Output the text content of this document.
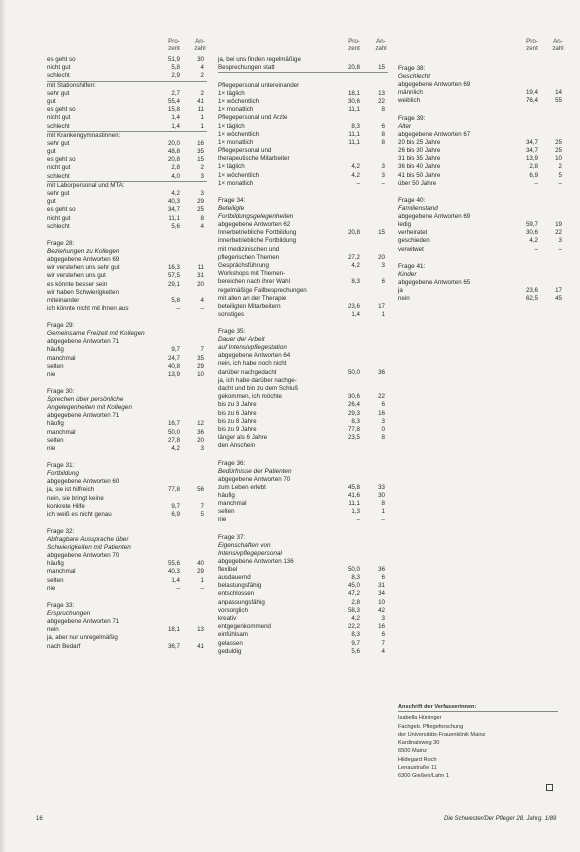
Pro-zent
An-zahl
es geht so	51,9	30
nicht gut	5,8	4
schlecht	2,9	2
mit Stationshilfen:
sehr gut	2,7	2
gut	55,4	41
es geht so	15,8	11
nicht gut	1,4	1
schlecht	1,4	1
mit Krankengymnastinnen:
sehr gut	20,0	16
gut	48,8	35
es geht so	20,8	15
nicht gut	2,8	2
schlecht	4,0	3
mit Laborpersonal und MTA:
sehr gut	4,2	3
gut	40,3	29
es geht so	34,7	25
nicht gut	11,1	8
schlecht	5,6	4
Frage 28:
Beziehungen zu Kollegen
abgegebene Antworten 69
wir verstehen uns sehr gut	16,3	11
wir verstehen uns gut	57,5	31
es könnte besser sein	29,1	20
wir haben Schwierigkeiten
miteinander	5,8	4
ich könnte nicht mit ihnen aus	–	–
Frage 29:
Gemeinsame Freizeit mit Kollegen
abgegebene Antworten 71
häufig	9,7	7
manchmal	24,7	35
selten	40,8	29
nie	13,9	10
Frage 30:
Sprechen über persönliche
Angelegenheiten mit Kollegen
abgegebene Antworten 71
häufig	16,7	12
manchmal	50,0	36
selten	27,8	20
nie	4,2	3
Frage 31:
Fortbildung
abgegebene Antworten 60
ja, sie ist hilfreich	77,8	56
nein, sie bringt keine
konkrete Hilfe	9,7	7
ich weiß es nicht genau	6,9	5
Frage 32:
Abfragbare Aussprache über
Schwierigkeiten mit Patienten
abgegebene Antworten 70
häufig	55,6	40
manchmal	40,3	29
selten	1,4	1
nie	–	–
Frage 33:
Erspruchungen
abgegebene Antworten 71
nein	18,1	13
ja, aber nur unregelmäßig
nach Bedarf	36,7	41
Pro-zent
An-zahl
ja, bei uns finden regelmäßige
Besprechungen statt	20,8	15
Pflegepersonal untereinander
1× täglich	18,1	13
1× wöchentlich	30,6	22
1× monatlich	11,1	8
Pflegepersonal und Ärzte
1× täglich	8,3	6
1× wöchentlich	11,1	8
1× monatlich	11,1	8
Pflegepersonal und
therapeutische Mitarbeiter
1× täglich	4,2	3
1× wöchentlich	4,2	3
1× monatlich	–	–
Frage 34:
Beteiligte
Fortbildungsgelegenheiten
abgegebene Antworten 62
Innerbetriebliche Fortbildung	20,8	15
innerbetriebliche Fortbildung
mit medizinischen und
pflegerischen Themen	27,2	20
Gesprächsführung	4,2	3
Workshops mit Themen-
bereichen nach ihrer Wahl	8,3	6
regelmäßige Fallbesprechungen
mit allen an der Therapie
beteiligten Mitarbeitern	23,6	17
sonstiges	1,4	1
Frage 35:
Dauer der Arbeit
auf Intensivpflegestation
abgegebene Antworten 64
nein, ich habe noch nicht
darüber nachgedacht	50,0	36
ja, ich habe darüber nachge-
dacht und bin zu dem Schluß
gekommen, ich möchte	30,6	22
bis zu 3 Jahre	26,4	6
bis zu 6 Jahre	29,3	16
bis zu 8 Jahre	8,3	3
bis zu 9 Jahre	77,8	0
länger als 6 Jahre	23,5	8
den Anschein
Frage 36:
Bedürfnisse der Patienten
abgegebene Antworten 70
zum Leben erlebt	45,8	33
häufig	41,6	30
manchmal	11,1	8
selten	1,3	1
nie	–	–
Frage 37:
Eigenschaften von
Intensivpflegepersonal
abgegebene Antworten 136
flexibel	50,0	36
ausdauernd	8,3	6
belastungsfähig	45,0	31
entschlossen	47,2	34
anpassungsfähig	2,8	10
vorsorglich	58,3	42
kreativ	4,2	3
entgegenkommend	22,2	16
einfühlsam	8,3	6
gelassen	9,7	7
geduldig	5,6	4
Pro-zent
An-zahl
Frage 38:
Geschlecht
abgegebene Antworten 69
männlich	19,4	14
weiblich	76,4	55
Frage 39:
Alter
abgegebene Antworten 67
20 bis 25 Jahre	34,7	25
26 bis 30 Jahre	34,7	25
31 bis 35 Jahre	13,9	10
36 bis 40 Jahre	2,8	2
41 bis 50 Jahre	6,9	5
über 50 Jahre	–	–
Frage 40:
Familienstand
abgegebene Antworten 69
ledig	59,7	19
verheiratet	30,6	22
geschieden	4,2	3
verwitwet	–	–
Frage 41:
Kinder
abgegebene Antworten 65
ja	23,6	17
nein	62,5	45
Anschrift der Verfasserinnen:
Isabella Hüninger
Fachgeb. Pflegeforschung
der Universitäts-Frauenklinik Mainz
Kardinalsweg 30
6500 Mainz
Hildegard Roch
Lenaustraße 11
6300 Gießen/Lahn 1
16	Die Schwester/Der Pfleger 28. Jahrg. 1/89
